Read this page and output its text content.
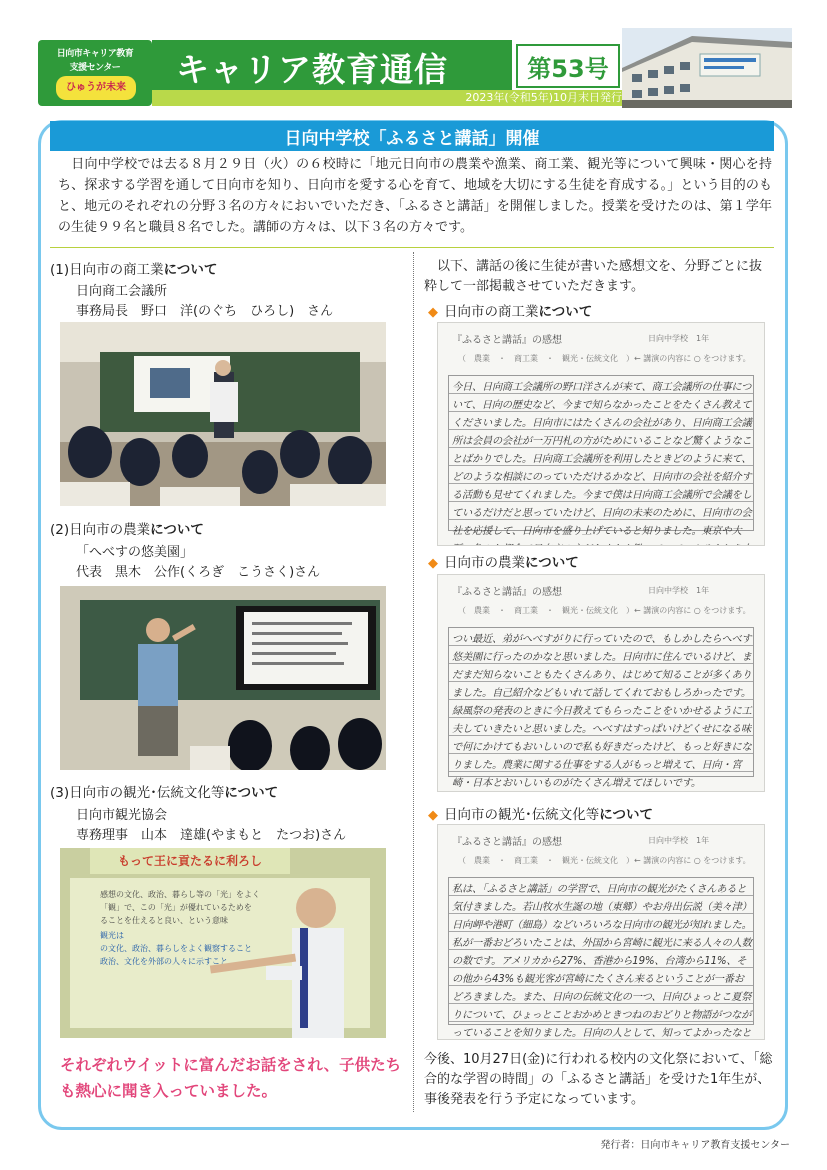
日向市キャリア教育
支援センター
ひゅうが未来	キャリア教育通信	第53号
2023年(令和5年)10月末日発行
日向中学校「ふるさと講話」開催
　日向中学校では去る８月２９日（火）の６校時に「地元日向市の農業や漁業、商工業、観光等について興味・関心を持ち、探求する学習を通して日向市を知り、日向市を愛する心を育て、地域を大切にする生徒を育成する。」という目的のもと、地元のそれぞれの分野３名の方々においでいただき、「ふるさと講話」を開催しました。授業を受けたのは、第１学年の生徒９９名と職員８名でした。講師の方々は、以下３名の方々です。
(1)日向市の商工業について
日向商工会議所
事務局長　野口　洋(のぐち　ひろし)　さん
(2)日向市の農業について
「へべすの悠美園」
代表　黒木　公作(くろぎ　こうさく)さん
(3)日向市の観光･伝統文化等について
日向市観光協会
専務理事　山本　達雄(やまもと　たつお)さん
もって王に貢たるに利ろし
感想の文化、政治、暮らし等の「光」をよく
「観」で、この「光」が優れているためを
ることを仕えると良い、という意味
観光は
の文化、政治、暮らしをよく観察すること
政治、文化を外部の人々に示すこと
それぞれウイットに富んだお話をされ、子供たちも熱心に聞き入っていました。
　以下、講話の後に生徒が書いた感想文を、分野ごとに抜粋して一部掲載させていただきます。
◆ 日向市の商工業について
『ふるさと講話』の感想	日向中学校　1年
（　農業　・　商工業　・　観光・伝統文化　）← 講演の内容に ○ をつけます。
今日、日向商工会議所の野口洋さんが来て、商工会議所の仕事について、日向の歴史など、今まで知らなかったことをたくさん教えてくださいました。日向市にはたくさんの会社があり、日向商工会議所は会員の会社が一万円札の方がためにいることなど驚くようなことばかりでした。日向商工会議所を利用したときどのように来て、どのような相談にのっていただけるかなど、日向市の会社を紹介する活動も見せてくれました。今まで僕は日向商工会議所で会議をしているだけだと思っていたけど、日向の未来のために、日向市の会社を応援して、日向市を盛り上げていると知りました。東京や大
◆ 日向市の農業について
『ふるさと講話』の感想	日向中学校　1年
（　農業　・　商工業　・　観光・伝統文化　）← 講演の内容に ○ をつけます。
つい最近、弟がへべすがりに行っていたので、もしかしたらへべす悠美園に行ったのかなと思いました。日向市に住んでいるけど、まだまだ知らないこともたくさんあり、はじめて知ることが多くありました。自己紹介などもいれて話してくれておもしろかったです。緑風祭の発表のときに今日教えてもらったことをいかせるように工夫していきたいと思いました。へべすはすっぱいけどくせになる味で何にかけてもおいしいので私も好きだったけど、もっと好きになりました。農業に関する仕事をする人がもっと増えて、日向・宮崎・日本とおいしいものがたくさん増えてほしいです。
◆ 日向市の観光･伝統文化等について
『ふるさと講話』の感想	日向中学校　1年
（　農業　・　商工業　・　観光・伝統文化　）← 講演の内容に ○ をつけます。
私は、「ふるさと講話」の学習で、日向市の観光がたくさんあると気付きました。若山牧水生誕の地（東郷）やお舟出伝説（美々津）日向岬や港町（細島）などいろいろな日向市の観光が知れました。私が一番おどろいたことは、外国から宮崎に観光に来る人々の人数の数です。アメリカから27%、香港から19%、台湾から11%、その他から43%も観光客が宮崎にたくさん来るということが一番おどろきました。また、日向の伝統文化の一つ、日向ひょっとこ夏祭りについて、ひょっとことおかめときつねのおどりと物語がつながっていることを知りました。日向の人として、知ってよかったなと
今後、10月27日(金)に行われる校内の文化祭において、「総合的な学習の時間」の「ふるさと講話」を受けた1年生が、事後発表を行う予定になっています。
発行者：日向市キャリア教育支援センター
